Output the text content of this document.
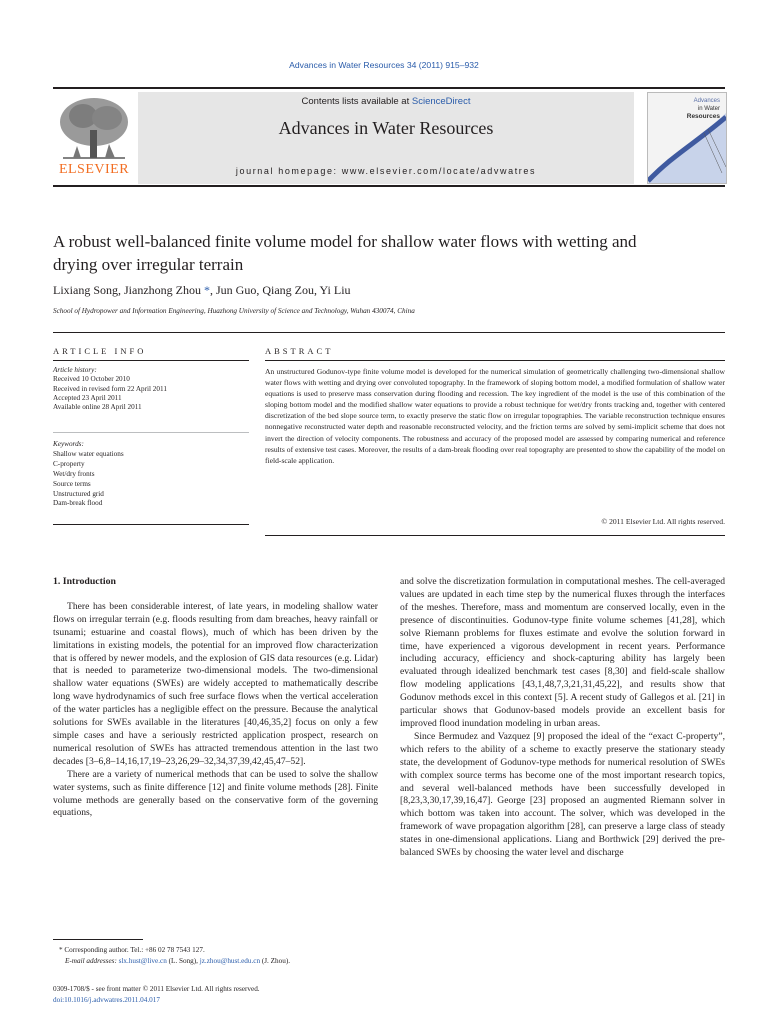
Advances in Water Resources 34 (2011) 915–932
ELSEVIER
Contents lists available at ScienceDirect
Advances in Water Resources
journal homepage: www.elsevier.com/locate/advwatres
Advances
in Water
Resources
A robust well-balanced finite volume model for shallow water flows with wetting and drying over irregular terrain
Lixiang Song, Jianzhong Zhou *, Jun Guo, Qiang Zou, Yi Liu
School of Hydropower and Information Engineering, Huazhong University of Science and Technology, Wuhan 430074, China
ARTICLE INFO	ABSTRACT
Article history:
Received 10 October 2010
Received in revised form 22 April 2011
Accepted 23 April 2011
Available online 28 April 2011
Keywords:
Shallow water equations
C-property
Wet/dry fronts
Source terms
Unstructured grid
Dam-break flood
An unstructured Godunov-type finite volume model is developed for the numerical simulation of geometrically challenging two-dimensional shallow water flows with wetting and drying over convoluted topography. In the framework of sloping bottom model, a modified formulation of shallow water equations is used to preserve mass conservation during flooding and recession. The key ingredient of the model is the use of this combination of the sloping bottom model and the modified shallow water equations to provide a robust technique for wet/dry fronts tracking and, together with centered discretization of the bed slope source term, to exactly preserve the static flow on irregular topographies. The variable reconstruction technique ensures nonnegative reconstructed water depth and reasonable reconstructed velocity, and the friction terms are solved by semi-implicit scheme that does not invert the direction of velocity components. The robustness and accuracy of the proposed model are assessed by comparing numerical and reference results of extensive test cases. Moreover, the results of a dam-break flooding over real topography are presented to show the capability of the model on field-scale application.
© 2011 Elsevier Ltd. All rights reserved.
1. Introduction

There has been considerable interest, of late years, in modeling shallow water flows on irregular terrain (e.g. floods resulting from dam breaches, heavy rainfall or tsunami; estuarine and coastal flows), much of which has been driven by the limitations in existing models, the potential for an improved flow characterization that is offered by newer models, and the explosion of GIS data resources (e.g. Lidar) that is needed to parameterize two-dimensional models. The two-dimensional shallow water equations (SWEs) are widely accepted to mathematically describe long wave hydrodynamics of such free surface flows when the vertical acceleration of the water particles has a negligible effect on the pressure. Because the analytical solutions for SWEs available in the literatures [40,46,35,2] focus on only a few simple cases and have a seriously restricted application prospect, research on numerical resolution of SWEs has attracted tremendous attention in the last two decades [3–6,8–14,16,17,19–23,26,29–32,34,37,39,42,45,47–52].

There are a variety of numerical methods that can be used to solve the shallow water systems, such as finite difference [12] and finite volume methods [28]. Finite volume methods are generally based on the conservative form of the governing equations,

and solve the discretization formulation in computational meshes. The cell-averaged values are updated in each time step by the numerical fluxes through the interfaces of the meshes. Therefore, mass and momentum are conserved locally, even in the presence of discontinuities. Godunov-type finite volume schemes [41,28], which solve Riemann problems for fluxes estimate and evolve the solution forward in time, have experienced a vigorous development in recent years. Performance including accuracy, efficiency and shock-capturing ability has largely been evaluated through idealized benchmark test cases [8,30] and field-scale shallow flow modeling applications [43,1,48,7,3,21,31,45,22], and results show that Godunov methods excel in this context [5]. A recent study of Gallegos et al. [21] in particular shows that Godunov-based models provide an excellent basis for improved flood inundation modeling in urban areas.

Since Bermudez and Vazquez [9] proposed the ideal of the “exact C-property”, which refers to the ability of a scheme to exactly preserve the stationary steady state, the development of Godunov-type methods for numerical resolution of SWEs with complex source terms has become one of the most important research topics, and several well-balanced methods have been successfully developed in [8,23,3,30,17,39,16,47]. George [23] proposed an augmented Riemann solver in which bottom was taken into account. The solver, which was developed in the framework of wave propagation algorithm [28], can preserve a large class of steady states in one-dimensional applications. Liang and Borthwick [29] derived the pre-balanced SWEs by choosing the water level and discharge

* Corresponding author. Tel.: +86 02 78 7543 127.
E-mail addresses: slx.hust@live.cn (L. Song), jz.zhou@hust.edu.cn (J. Zhou).
0309-1708/$ - see front matter © 2011 Elsevier Ltd. All rights reserved.
doi:10.1016/j.advwatres.2011.04.017
